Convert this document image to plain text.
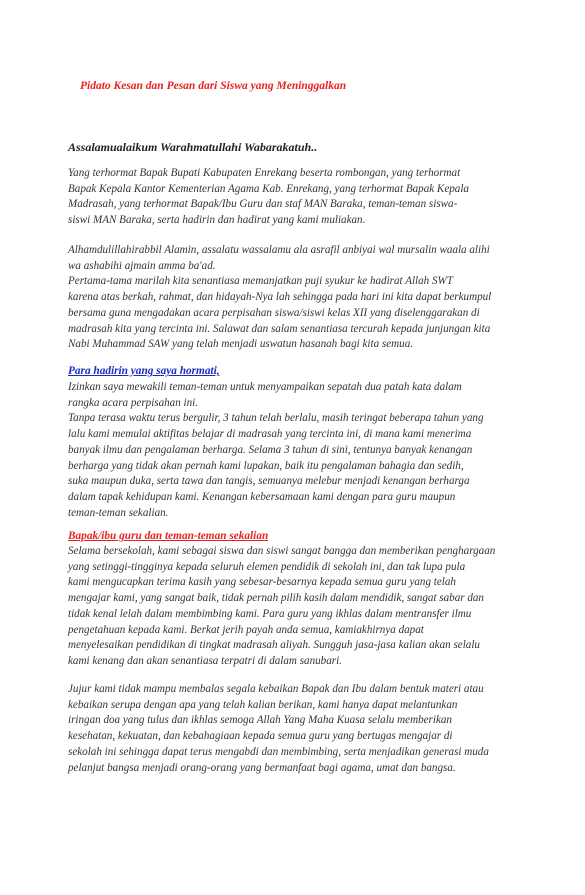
Pidato Kesan dan Pesan dari Siswa yang Meninggalkan
Assalamualaikum Warahmatullahi Wabarakatuh..
Yang terhormat Bapak Bupati Kabupaten Enrekang beserta rombongan, yang terhormat
Bapak Kepala Kantor Kementerian Agama Kab. Enrekang, yang terhormat Bapak Kepala
Madrasah, yang terhormat Bapak/Ibu Guru dan staf MAN Baraka, teman-teman siswa-
siswi MAN Baraka, serta hadirin dan hadirat yang kami muliakan.
Alhamdulillahirabbil Alamin, assalatu wassalamu ala asrafil anbiyai wal mursalin waala alihi
wa ashabihi ajmain amma ba'ad.
Pertama-tama marilah kita senantiasa memanjatkan puji syukur ke hadirat Allah SWT
karena atas berkah, rahmat, dan hidayah-Nya lah sehingga pada hari ini kita dapat berkumpul
bersama guna mengadakan acara perpisahan siswa/siswi kelas XII yang diselenggarakan di
madrasah kita yang tercinta ini. Salawat dan salam senantiasa tercurah kepada junjungan kita
Nabi Muhammad SAW yang telah menjadi uswatun hasanah bagi kita semua.
Para hadirin yang saya hormati,
Izinkan saya mewakili teman-teman untuk menyampaikan sepatah dua patah kata dalam
rangka acara perpisahan ini.
Tanpa terasa waktu terus bergulir, 3 tahun telah berlalu, masih teringat beberapa tahun yang
lalu kami memulai aktifitas belajar di madrasah yang tercinta ini, di mana kami menerima
banyak ilmu dan pengalaman berharga. Selama 3 tahun di sini, tentunya banyak kenangan
berharga yang tidak akan pernah kami lupakan, baik itu pengalaman bahagia dan sedih,
suka maupun duka, serta tawa dan tangis, semuanya melebur menjadi kenangan berharga
dalam tapak kehidupan kami. Kenangan kebersamaan kami dengan para guru maupun
teman-teman sekalian.
Bapak/ibu guru dan teman-teman sekalian
Selama bersekolah, kami sebagai siswa dan siswi sangat bangga dan memberikan penghargaan
yang setinggi-tingginya kepada seluruh elemen pendidik di sekolah ini, dan tak lupa pula
kami mengucapkan terima kasih yang sebesar-besarnya kepada semua guru yang telah
mengajar kami, yang sangat baik, tidak pernah pilih kasih dalam mendidik, sangat sabar dan
tidak kenal lelah dalam membimbing kami. Para guru yang ikhlas dalam mentransfer ilmu
pengetahuan kepada kami. Berkat jerih payah anda semua, kamiakhirnya dapat
menyelesaikan pendidikan di tingkat madrasah aliyah. Sungguh jasa-jasa kalian akan selalu
kami kenang dan akan senantiasa terpatri di dalam sanubari.
Jujur kami tidak mampu membalas segala kebaikan Bapak dan Ibu dalam bentuk materi atau
kebaikan serupa dengan apa yang telah kalian berikan, kami hanya dapat melantunkan
iringan doa yang tulus dan ikhlas semoga Allah Yang Maha Kuasa selalu memberikan
kesehatan, kekuatan, dan kebahagiaan kepada semua guru yang bertugas mengajar di
sekolah ini sehingga dapat terus mengabdi dan membimbing, serta menjadikan generasi muda
pelanjut bangsa menjadi orang-orang yang bermanfaat bagi agama, umat dan bangsa.
